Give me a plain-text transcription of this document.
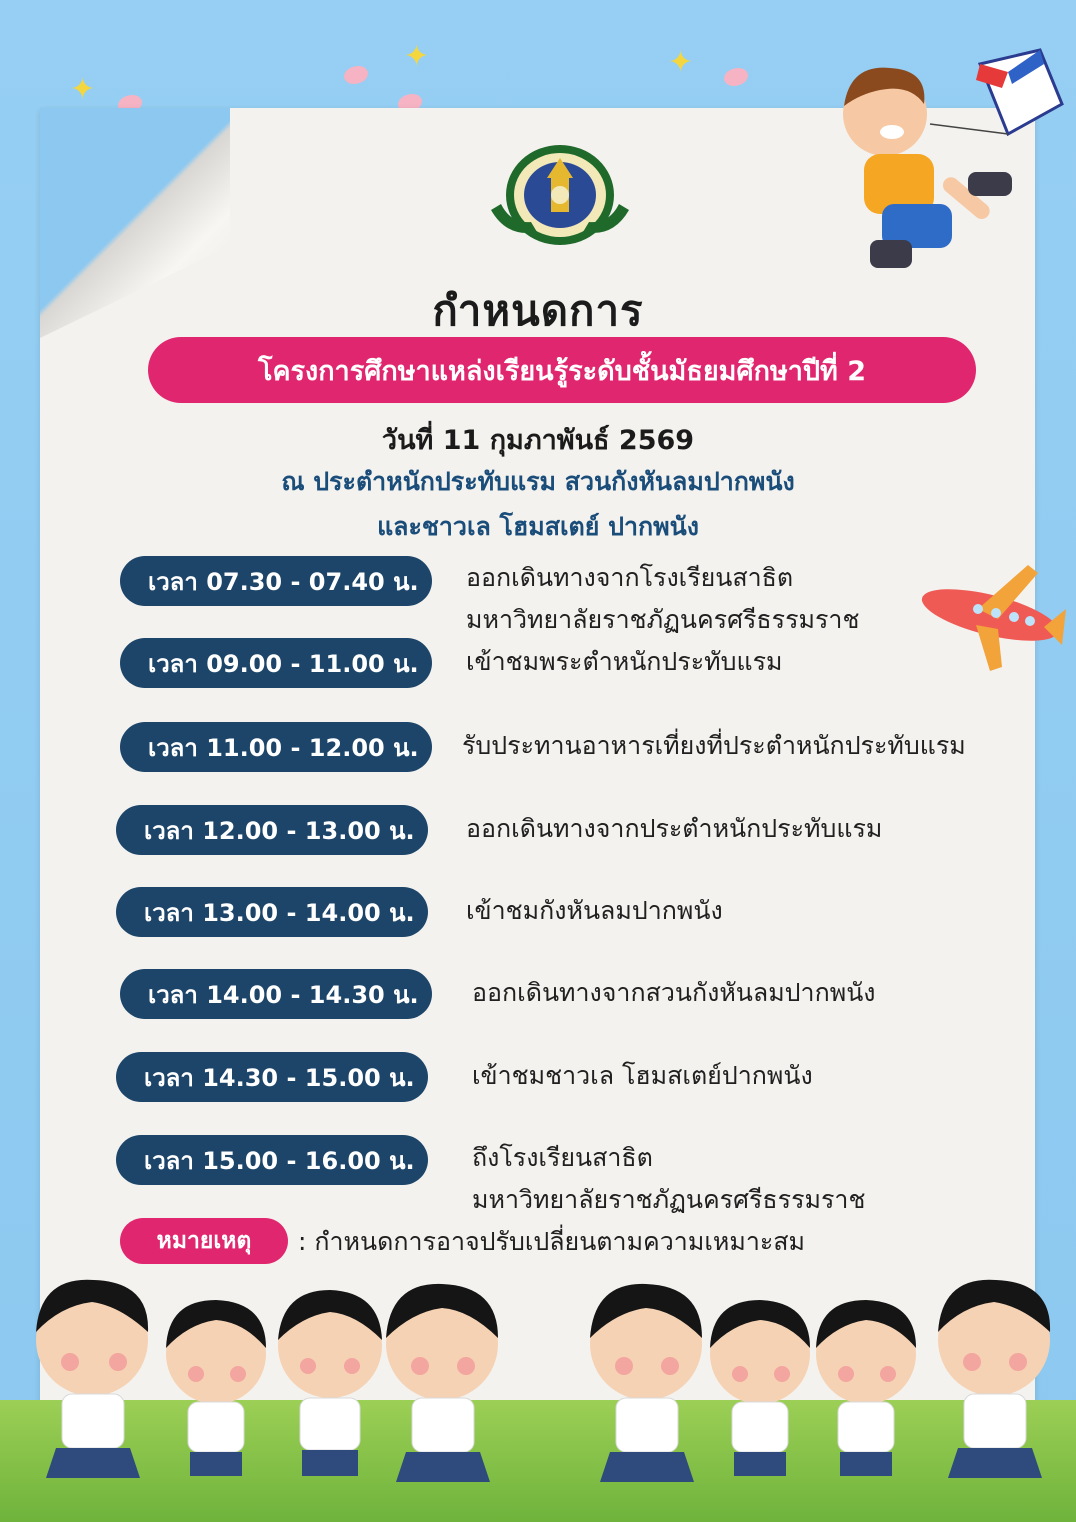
✦
✦	✦
กำหนดการ
โครงการศึกษาแหล่งเรียนรู้ระดับชั้นมัธยมศึกษาปีที่ 2
วันที่ 11 กุมภาพันธ์ 2569
ณ ประตำหนักประทับแรม สวนกังหันลมปากพนัง
และชาวเล โฮมสเตย์ ปากพนัง
เวลา 07.30 - 07.40 น.	ออกเดินทางจากโรงเรียนสาธิต
มหาวิทยาลัยราชภัฏนครศรีธรรมราช
เวลา 09.00 - 11.00 น.	เข้าชมพระตำหนักประทับแรม
เวลา 11.00 - 12.00 น.	รับประทานอาหารเที่ยงที่ประตำหนักประทับแรม
เวลา 12.00 - 13.00 น.	ออกเดินทางจากประตำหนักประทับแรม
เวลา 13.00 - 14.00 น.	เข้าชมกังหันลมปากพนัง
เวลา 14.00 - 14.30 น.	ออกเดินทางจากสวนกังหันลมปากพนัง
เวลา 14.30 - 15.00 น.	เข้าชมชาวเล โฮมสเตย์ปากพนัง
เวลา 15.00 - 16.00 น.	ถึงโรงเรียนสาธิต
มหาวิทยาลัยราชภัฏนครศรีธรรมราช
หมายเหตุ	: กำหนดการอาจปรับเปลี่ยนตามความเหมาะสม
